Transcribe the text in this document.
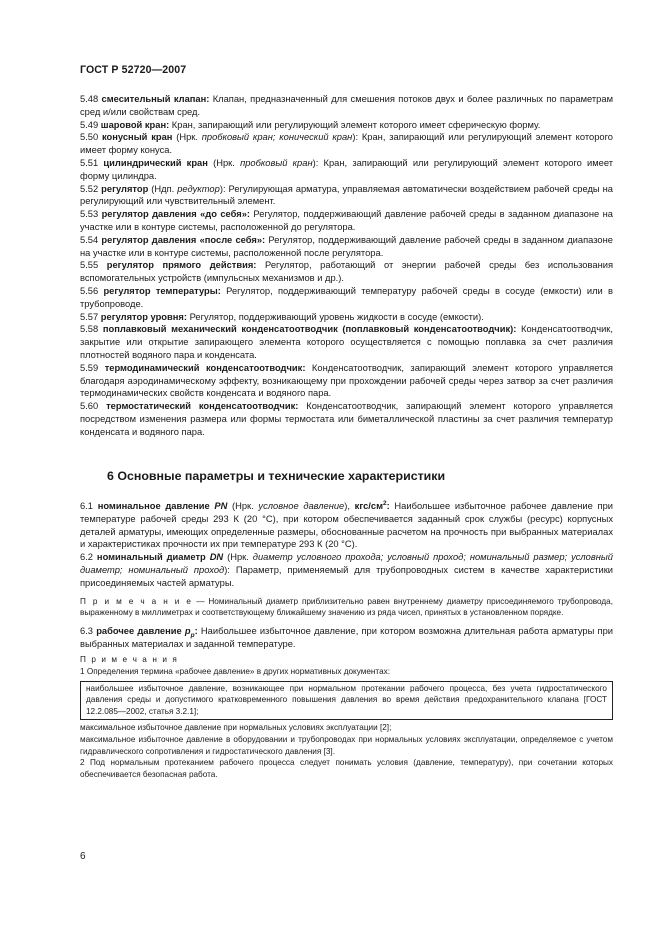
ГОСТ Р 52720—2007

5.48 смесительный клапан: Клапан, предназначенный для смешения потоков двух и более различных по параметрам сред и/или свойствам сред.

5.49 шаровой кран: Кран, запирающий или регулирующий элемент которого имеет сферическую форму.

5.50 конусный кран (Нрк. пробковый кран; конический кран): Кран, запирающий или регулирующий элемент которого имеет форму конуса.

5.51 цилиндрический кран (Нрк. пробковый кран): Кран, запирающий или регулирующий элемент которого имеет форму цилиндра.

5.52 регулятор (Ндп. редуктор): Регулирующая арматура, управляемая автоматически воздействием рабочей среды на регулирующий или чувствительный элемент.

5.53 регулятор давления «до себя»: Регулятор, поддерживающий давление рабочей среды в заданном диапазоне на участке или в контуре системы, расположенной до регулятора.

5.54 регулятор давления «после себя»: Регулятор, поддерживающий давление рабочей среды в заданном диапазоне на участке или в контуре системы, расположенной после регулятора.

5.55 регулятор прямого действия: Регулятор, работающий от энергии рабочей среды без использования вспомогательных устройств (импульсных механизмов и др.).

5.56 регулятор температуры: Регулятор, поддерживающий температуру рабочей среды в сосуде (емкости) или в трубопроводе.

5.57 регулятор уровня: Регулятор, поддерживающий уровень жидкости в сосуде (емкости).

5.58 поплавковый механический конденсатоотводчик (поплавковый конденсатоотводчик): Конденсатоотводчик, закрытие или открытие запирающего элемента которого осуществляется с помощью поплавка за счет различия плотностей водяного пара и конденсата.

5.59 термодинамический конденсатоотводчик: Конденсатоотводчик, запирающий элемент которого управляется благодаря аэродинамическому эффекту, возникающему при прохождении рабочей среды через затвор за счет различия термодинамических свойств конденсата и водяного пара.

5.60 термостатический конденсатоотводчик: Конденсатоотводчик, запирающий элемент которого управляется посредством изменения размера или формы термостата или биметаллической пластины за счет различия температур конденсата и водяного пара.

6 Основные параметры и технические характеристики

6.1 номинальное давление PN (Нрк. условное давление), кгс/$см^2$: Наибольшее избыточное рабочее давление при температуре рабочей среды 293 К (20 °С), при котором обеспечивается заданный срок службы (ресурс) корпусных деталей арматуры, имеющих определенные размеры, обоснованные расчетом на прочность при выбранных материалах и характеристиках прочности их при температуре 293 К (20 °С).

6.2 номинальный диаметр DN (Нрк. диаметр условного прохода; условный проход; номинальный размер; условный диаметр; номинальный проход): Параметр, применяемый для трубопроводных систем в качестве характеристики присоединяемых частей арматуры.

П р и м е ч а н и е — Номинальный диаметр приблизительно равен внутреннему диаметру присоединяемого трубопровода, выраженному в миллиметрах и соответствующему ближайшему значению из ряда чисел, принятых в установленном порядке.

6.3 рабочее давление $p_р$: Наибольшее избыточное давление, при котором возможна длительная работа арматуры при выбранных материалах и заданной температуре.

П р и м е ч а н и я

1 Определения термина «рабочее давление» в других нормативных документах:

наибольшее избыточное давление, возникающее при нормальном протекании рабочего процесса, без учета гидростатического давления среды и допустимого кратковременного повышения давления во время действия предохранительного клапана [ГОСТ 12.2.085—2002, статья 3.2.1];

максимальное избыточное давление при нормальных условиях эксплуатации [2];

максимальное избыточное давление в оборудовании и трубопроводах при нормальных условиях эксплуатации, определяемое с учетом гидравлического сопротивления и гидростатического давления [3].

2 Под нормальным протеканием рабочего процесса следует понимать условия (давление, температуру), при сочетании которых обеспечивается безопасная работа.

6
